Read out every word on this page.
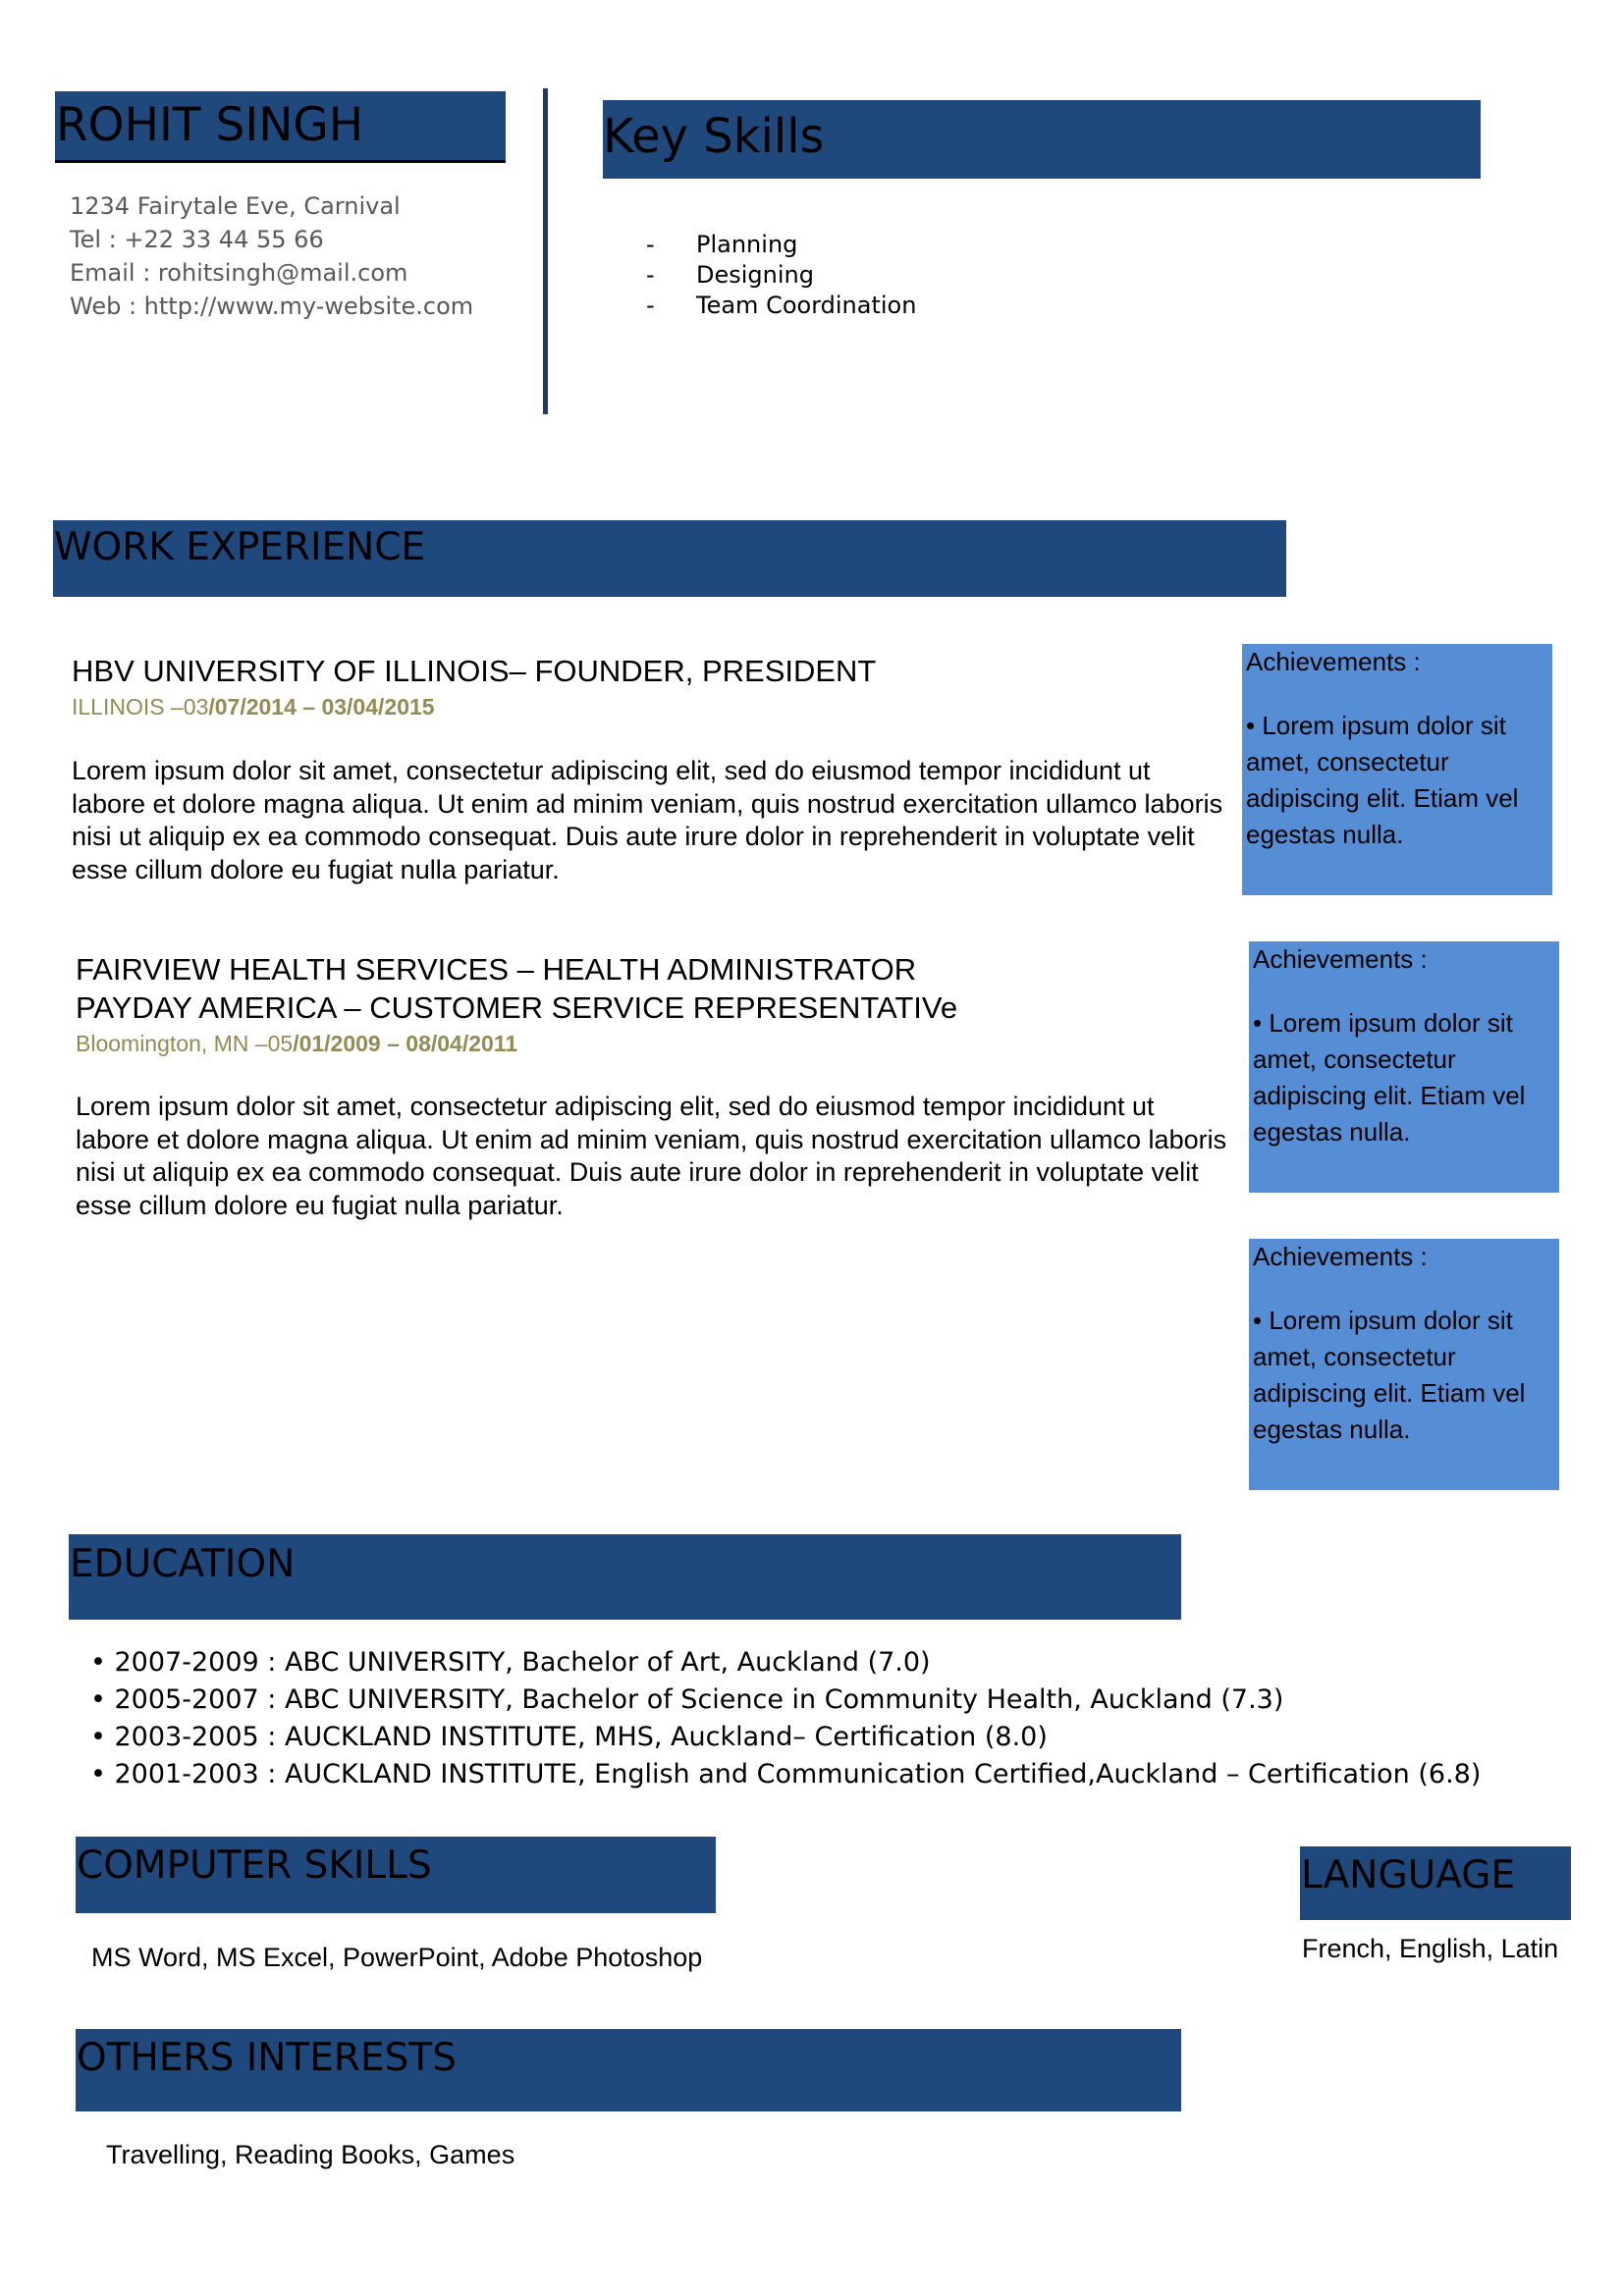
ROHIT SINGH
1234 Fairytale Eve, Carnival
Tel : +22 33 44 55 66
Email : rohitsingh@mail.com
Web : http://www.my-website.com
Key Skills
- Planning
- Designing
- Team Coordination
WORK EXPERIENCE
HBV UNIVERSITY OF ILLINOIS– FOUNDER, PRESIDENT
ILLINOIS –03/07/2014 – 03/04/2015
Lorem ipsum dolor sit amet, consectetur adipiscing elit, sed do eiusmod tempor incididunt ut labore et dolore magna aliqua. Ut enim ad minim veniam, quis nostrud exercitation ullamco laboris nisi ut aliquip ex ea commodo consequat. Duis aute irure dolor in reprehenderit in voluptate velit esse cillum dolore eu fugiat nulla pariatur.
FAIRVIEW HEALTH SERVICES – HEALTH ADMINISTRATOR
PAYDAY AMERICA – CUSTOMER SERVICE REPRESENTATIVe
Bloomington, MN –05/01/2009 – 08/04/2011
Lorem ipsum dolor sit amet, consectetur adipiscing elit, sed do eiusmod tempor incididunt ut labore et dolore magna aliqua. Ut enim ad minim veniam, quis nostrud exercitation ullamco laboris nisi ut aliquip ex ea commodo consequat. Duis aute irure dolor in reprehenderit in voluptate velit esse cillum dolore eu fugiat nulla pariatur.
Achievements :
• Lorem ipsum dolor sit amet, consectetur adipiscing elit. Etiam vel egestas nulla.
Achievements :
• Lorem ipsum dolor sit amet, consectetur adipiscing elit. Etiam vel egestas nulla.
Achievements :
• Lorem ipsum dolor sit amet, consectetur adipiscing elit. Etiam vel egestas nulla.
EDUCATION
• 2007-2009 : ABC UNIVERSITY, Bachelor of Art, Auckland (7.0)
• 2005-2007 : ABC UNIVERSITY, Bachelor of Science in Community Health, Auckland (7.3)
• 2003-2005 : AUCKLAND INSTITUTE, MHS, Auckland– Certification (8.0)
• 2001-2003 : AUCKLAND INSTITUTE, English and Communication Certified,Auckland – Certification (6.8)
COMPUTER SKILLS
MS Word, MS Excel, PowerPoint, Adobe Photoshop
LANGUAGE
French, English, Latin
OTHERS INTERESTS
Travelling, Reading Books, Games
